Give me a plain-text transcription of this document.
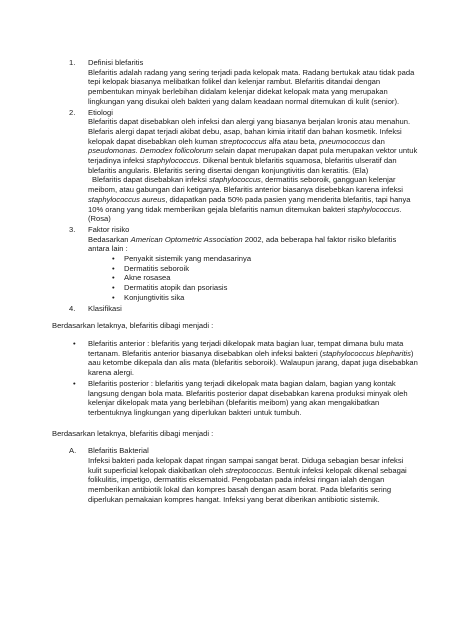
1. Definisi blefaritis
Blefaritis adalah radang yang sering terjadi pada kelopak mata. Radang bertukak atau tidak pada tepi kelopak biasanya melibatkan folikel dan kelenjar rambut. Blefaritis ditandai dengan pembentukan minyak berlebihan didalam kelenjar didekat kelopak mata yang merupakan lingkungan yang disukai oleh bakteri yang dalam keadaan normal ditemukan di kulit (senior).
2. Etiologi

Blefaritis dapat disebabkan oleh infeksi dan alergi yang biasanya berjalan kronis atau menahun. Blefaris alergi dapat terjadi akibat debu, asap, bahan kimia iritatif dan bahan kosmetik. Infeksi kelopak dapat disebabkan oleh kuman streptococcus alfa atau beta, pneumococcus dan pseudomonas. Demodex follicolorum selain dapat merupakan dapat pula merupakan vektor untuk terjadinya infeksi staphylococcus. Dikenal bentuk blefaritis squamosa, blefaritis ulseratif dan blefaritis angularis. Blefaritis sering disertai dengan konjungtivitis dan keratitis. (Ela)

Blefaritis dapat disebabkan infeksi staphylococcus, dermatitis seboroik, gangguan kelenjar meibom, atau gabungan dari ketiganya. Blefaritis anterior biasanya disebebkan karena infeksi staphylococcus aureus, didapatkan pada 50% pada pasien yang menderita blefaritis, tapi hanya 10% orang yang tidak memberikan gejala blefaritis namun ditemukan bakteri staphylococcus. (Rosa)

3. Faktor risiko

Bedasarkan American Optometric Association 2002, ada beberapa hal faktor risiko blefaritis antara lain :

• Penyakit sistemik yang mendasarinya
• Dermatitis seboroik
• Akne rosasea
• Dermatitis atopik dan psoriasis
• Konjungtivitis sika
4. Klasifikasi

Berdasarkan letaknya, blefaritis dibagi menjadi :

• Blefaritis anterior : blefaritis yang terjadi dikelopak mata bagian luar, tempat dimana bulu mata tertanam. Blefaritis anterior biasanya disebabkan oleh infeksi bakteri (staphylococcus blepharitis) aau ketombe dikepala dan alis mata (blefaritis seboroik). Walaupun jarang, dapat juga disebabkan karena alergi.

• Blefaritis posterior : blefaritis yang terjadi dikelopak mata bagian dalam, bagian yang kontak langsung dengan bola mata. Blefaritis posterior dapat disebabkan karena produksi minyak oleh kelenjar dikelopak mata yang berlebihan (blefaritis meibom) yang akan mengakibatkan terbentuknya lingkungan yang diperlukan bakteri untuk tumbuh.

Berdasarkan letaknya, blefaritis dibagi menjadi :

A. Blefaritis Bakterial

Infeksi bakteri pada kelopak dapat ringan sampai sangat berat. Diduga sebagian besar infeksi kulit superficial kelopak diakibatkan oleh streptococcus. Bentuk infeksi kelopak dikenal sebagai folikulitis, impetigo, dermatitis eksematoid. Pengobatan pada infeksi ringan ialah dengan memberikan antibiotik lokal dan kompres basah dengan asam borat. Pada blefaritis sering diperlukan pemakaian kompres hangat. Infeksi yang berat diberikan antibiotic sistemik.
